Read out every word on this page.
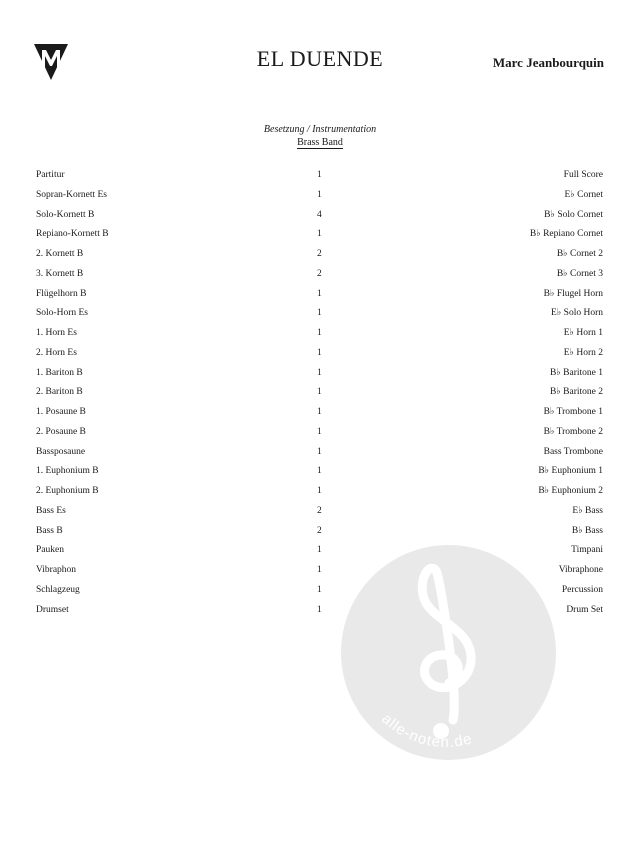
EL DUENDE	Marc Jeanbourquin
Besetzung / Instrumentation
Brass Band
Partitur	1	Full Score
Sopran-Kornett Es	1	E♭ Cornet
Solo-Kornett B	4	B♭ Solo Cornet
Repiano-Kornett B	1	B♭ Repiano Cornet
2. Kornett B	2	B♭ Cornet 2
3. Kornett B	2	B♭ Cornet 3
Flügelhorn B	1	B♭ Flugel Horn
Solo-Horn Es	1	E♭ Solo Horn
1. Horn Es	1	E♭ Horn 1
2. Horn Es	1	E♭ Horn 2
1. Bariton B	1	B♭ Baritone 1
2. Bariton B	1	B♭ Baritone 2
1. Posaune B	1	B♭ Trombone 1
2. Posaune B	1	B♭ Trombone 2
Bassposaune	1	Bass Trombone
1. Euphonium B	1	B♭ Euphonium 1
2. Euphonium B	1	B♭ Euphonium 2
Bass Es	2	E♭ Bass
Bass B	2	B♭ Bass
Pauken	1	Timpani
Vibraphon	1	Vibraphone
Schlagzeug	1	Percussion
Drumset	1	Drum Set
alle-noten.de
